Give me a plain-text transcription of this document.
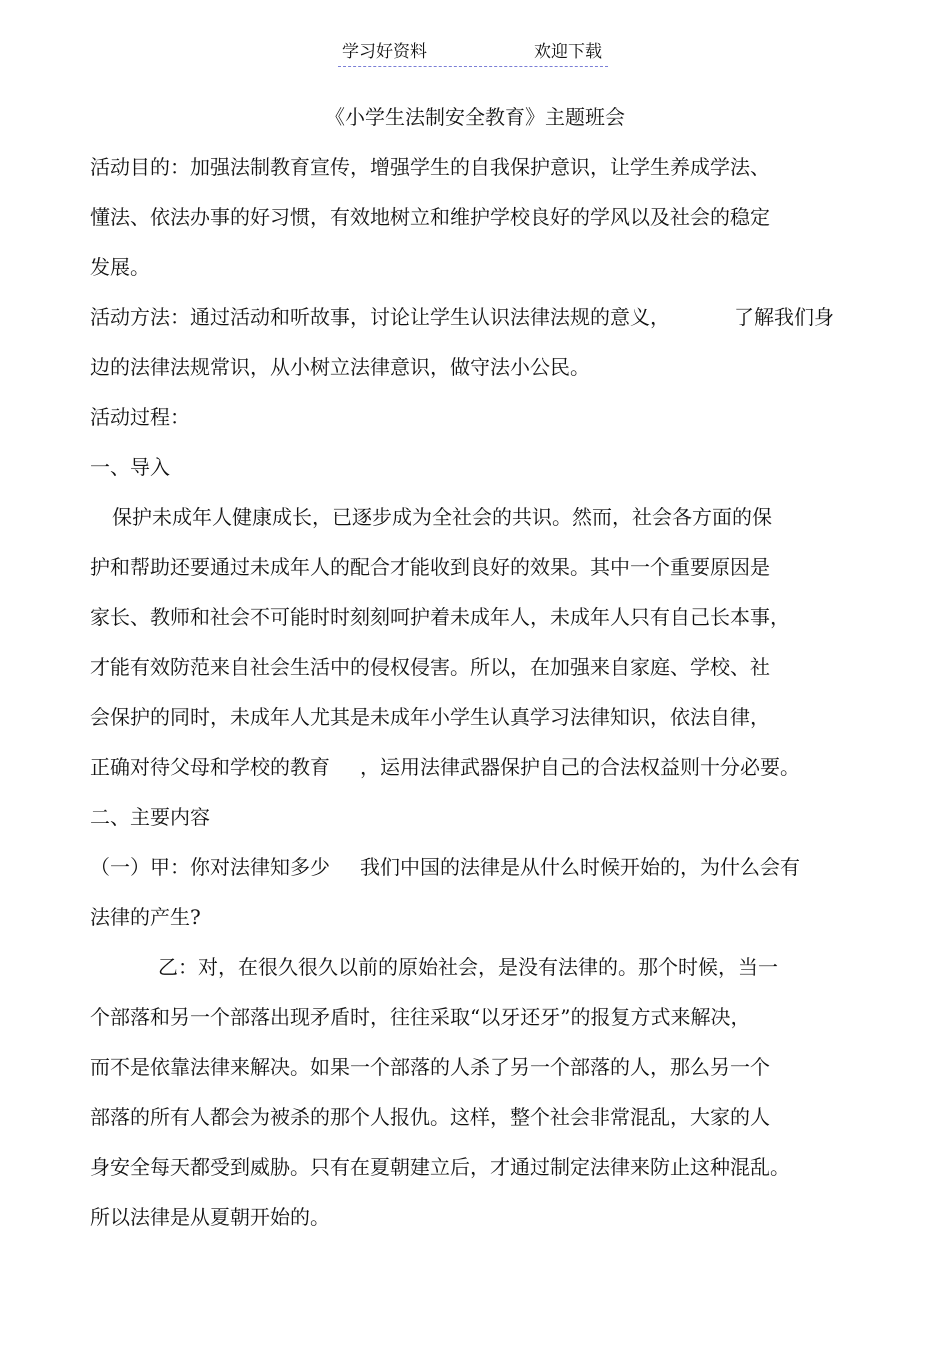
学习好资料	欢迎下载
《小学生法制安全教育》主题班会
活动目的：加强法制教育宣传，增强学生的自我保护意识，让学生养成学法、
懂法、依法办事的好习惯，有效地树立和维护学校良好的学风以及社会的稳定
发展。
活动方法：通过活动和听故事，讨论让学生认识法律法规的意义，	了解我们身
边的法律法规常识，从小树立法律意识，做守法小公民。
活动过程：
一、导入
保护未成年人健康成长，已逐步成为全社会的共识。然而，社会各方面的保
护和帮助还要通过未成年人的配合才能收到良好的效果。其中一个重要原因是
家长、教师和社会不可能时时刻刻呵护着未成年人，未成年人只有自己长本事，
才能有效防范来自社会生活中的侵权侵害。所以，在加强来自家庭、学校、社
会保护的同时，未成年人尤其是未成年小学生认真学习法律知识，依法自律，
正确对待父母和学校的教育 ，运用法律武器保护自己的合法权益则十分必要。
二、主要内容
（一）甲：你对法律知多少 我们中国的法律是从什么时候开始的，为什么会有
法律的产生?
乙：对，在很久很久以前的原始社会，是没有法律的。那个时候，当一
个部落和另一个部落出现矛盾时，往往采取“以牙还牙”的报复方式来解决，
而不是依靠法律来解决。如果一个部落的人杀了另一个部落的人，那么另一个
部落的所有人都会为被杀的那个人报仇。这样，整个社会非常混乱，大家的人
身安全每天都受到威胁。只有在夏朝建立后，才通过制定法律来防止这种混乱。
所以法律是从夏朝开始的。
